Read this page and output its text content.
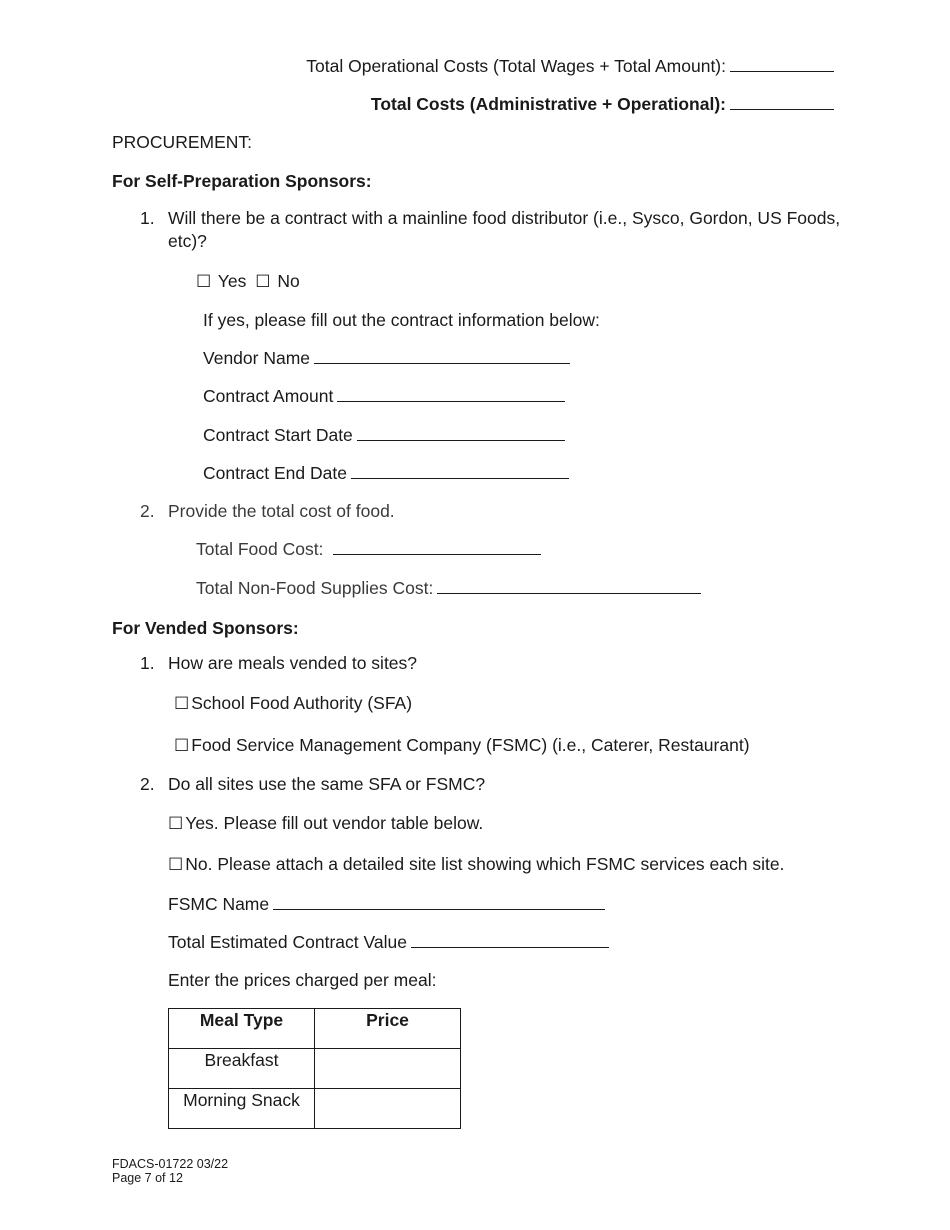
Total Operational Costs (Total Wages + Total Amount):
Total Costs (Administrative + Operational):
PROCUREMENT:
For Self-Preparation Sponsors:
1. Will there be a contract with a mainline food distributor (i.e., Sysco, Gordon, US Foods,
etc)?
☐ Yes ☐ No
If yes, please fill out the contract information below:
Vendor Name
Contract Amount
Contract Start Date
Contract End Date
2. Provide the total cost of food.
Total Food Cost:
Total Non-Food Supplies Cost:
For Vended Sponsors:
1. How are meals vended to sites?
☐ School Food Authority (SFA)
☐ Food Service Management Company (FSMC) (i.e., Caterer, Restaurant)
2. Do all sites use the same SFA or FSMC?
☐ Yes. Please fill out vendor table below.
☐ No. Please attach a detailed site list showing which FSMC services each site.
FSMC Name
Total Estimated Contract Value
Enter the prices charged per meal:
Meal Type	Price
Breakfast	
Morning Snack	
FDACS-01722 03/22
Page 7 of 12
